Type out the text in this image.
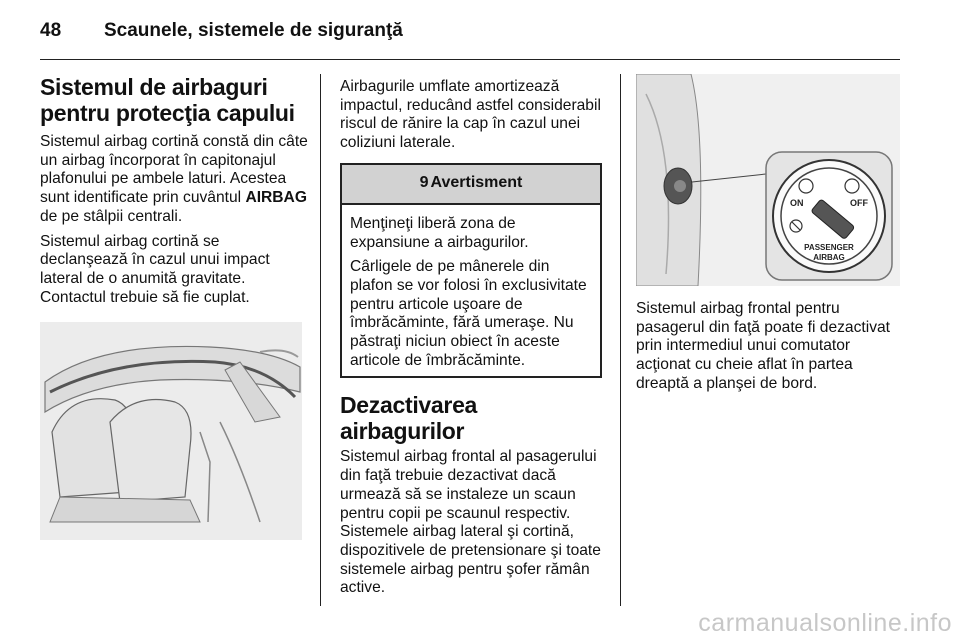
48 Scaunele, sistemele de siguranţă
Sistemul de airbaguri pentru protecţia capului

Sistemul airbag cortină constă din câte un airbag încorporat în capitonajul plafonului pe ambele laturi. Acestea sunt identificate prin cuvântul AIRBAG de pe stâlpii centrali.

Sistemul airbag cortină se declanşează în cazul unui impact lateral de o anumită gravitate. Contactul trebuie să fie cuplat.

Airbagurile umflate amortizează impactul, reducând astfel considerabil riscul de rănire la cap în cazul unei coliziuni laterale.

9 Avertisment

Menţineţi liberă zona de expansiune a airbagurilor.

Cârligele de pe mânerele din plafon se vor folosi în exclusivitate pentru articole uşoare de îmbrăcăminte, fără umeraşe. Nu păstraţi niciun obiect în aceste articole de îmbrăcăminte.

Dezactivarea airbagurilor

Sistemul airbag frontal al pasagerului din faţă trebuie dezactivat dacă urmează să se instaleze un scaun pentru copii pe scaunul respectiv. Sistemele airbag lateral şi cortină, dispozitivele de pretensionare şi toate sistemele airbag pentru şofer rămân active.

ON	OFF
PASSENGER
AIRBAG

Sistemul airbag frontal pentru pasagerul din faţă poate fi dezactivat prin intermediul unui comutator acţionat cu cheie aflat în partea dreaptă a planşei de bord.

carmanualsonline.info
